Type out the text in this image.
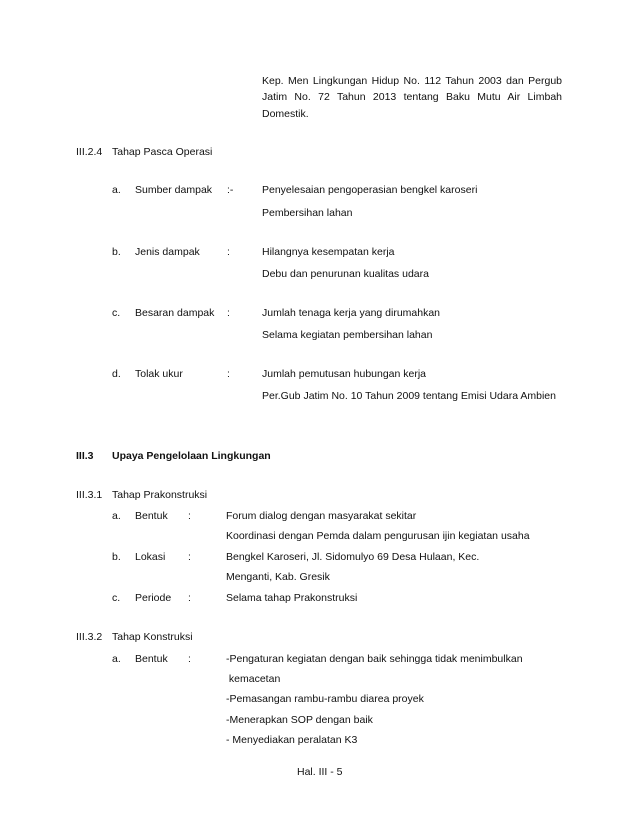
Kep. Men Lingkungan Hidup No. 112 Tahun 2003 dan Pergub
Jatim No. 72 Tahun 2013 tentang Baku Mutu Air Limbah
Domestik.
III.2.4 Tahap Pasca Operasi
a. Sumber dampak :-	Penyelesaian pengoperasian bengkel karoseri
Pembersihan lahan
b. Jenis dampak	:	Hilangnya kesempatan kerja
Debu dan penurunan kualitas udara
c. Besaran dampak :	Jumlah tenaga kerja yang dirumahkan
Selama kegiatan pembersihan lahan
d. Tolak ukur	:	Jumlah pemutusan hubungan kerja
Per.Gub Jatim No. 10 Tahun 2009 tentang Emisi Udara Ambien
III.3 Upaya Pengelolaan Lingkungan
III.3.1 Tahap Prakonstruksi
a. Bentuk :	Forum dialog dengan masyarakat sekitar
Koordinasi dengan Pemda dalam pengurusan ijin kegiatan usaha
b. Lokasi :	Bengkel Karoseri, Jl. Sidomulyo 69 Desa Hulaan, Kec.
Menganti, Kab. Gresik
c. Periode :	Selama tahap Prakonstruksi
III.3.2 Tahap Konstruksi
a. Bentuk :	-Pengaturan kegiatan dengan baik sehingga tidak menimbulkan
kemacetan
-Pemasangan rambu-rambu diarea proyek
-Menerapkan SOP dengan baik
- Menyediakan peralatan K3
Hal. III - 5
